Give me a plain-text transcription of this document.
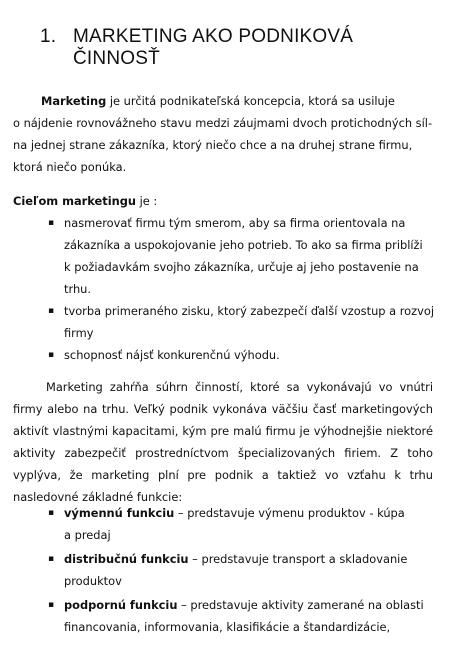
1. MARKETING AKO PODNIKOVÁ
ČINNOSŤ
Marketing je určitá podnikateľská koncepcia, ktorá sa usiluje
o nájdenie rovnovážneho stavu medzi záujmami dvoch protichodných síl-
na jednej strane zákazníka, ktorý niečo chce a na druhej strane firmu,
ktorá niečo ponúka.
Cieľom marketingu je :
▪ nasmerovať firmu tým smerom, aby sa firma orientovala na
zákazníka a uspokojovanie jeho potrieb. To ako sa firma priblíži
k požiadavkám svojho zákazníka, určuje aj jeho postavenie na
trhu.
▪ tvorba primeraného zisku, ktorý zabezpečí ďalší vzostup a rozvoj
firmy
▪ schopnosť nájsť konkurenčnú výhodu.
Marketing zahŕňa súhrn činností, ktoré sa vykonávajú vo vnútri
firmy alebo na trhu. Veľký podnik vykonáva väčšiu časť marketingových
aktivít vlastnými kapacitami, kým pre malú firmu je výhodnejšie niektoré
aktivity zabezpečiť prostredníctvom špecializovaných firiem. Z toho
vyplýva, že marketing plní pre podnik a taktiež vo vzťahu k trhu
nasledovné základné funkcie:
▪ výmennú funkciu – predstavuje výmenu produktov - kúpa
a predaj
▪ distribučnú funkciu – predstavuje transport a skladovanie
produktov
▪ podpornú funkciu – predstavuje aktivity zamerané na oblasti
financovania, informovania, klasifikácie a štandardizácie,
